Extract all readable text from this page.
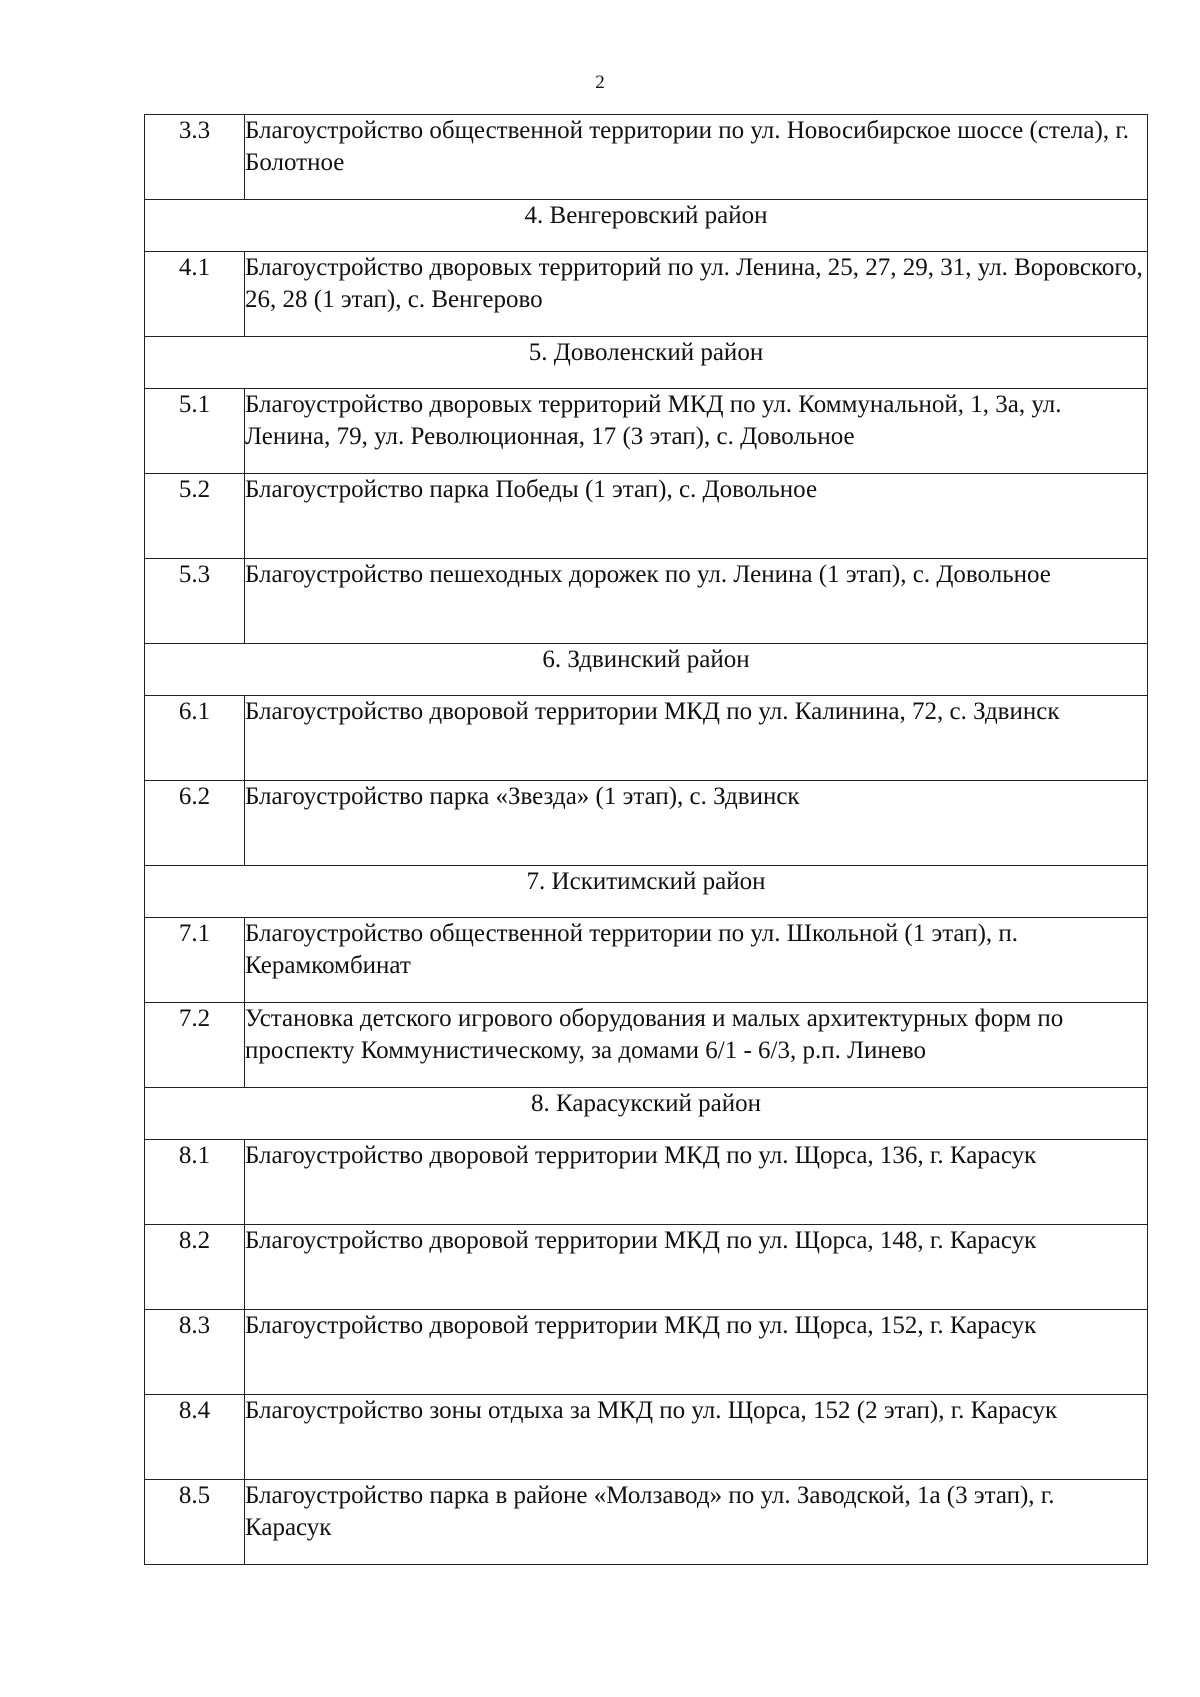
2
3.3	Благоустройство общественной территории по ул. Новосибирское шоссе (стела), г. Болотное
4. Венгеровский район	
4.1	Благоустройство дворовых территорий по ул. Ленина, 25, 27, 29, 31, ул. Воровского, 26, 28 (1 этап), с. Венгерово
5. Доволенский район	
5.1	Благоустройство дворовых территорий МКД по ул. Коммунальной, 1, 3а, ул. Ленина, 79, ул. Революционная, 17 (3 этап), с. Довольное
5.2	Благоустройство парка Победы (1 этап), с. Довольное
5.3	Благоустройство пешеходных дорожек по ул. Ленина (1 этап), с. Довольное
6. Здвинский район	
6.1	Благоустройство дворовой территории МКД по ул. Калинина, 72, с. Здвинск
6.2	Благоустройство парка «Звезда» (1 этап), с. Здвинск
7. Искитимский район	
7.1	Благоустройство общественной территории по ул. Школьной (1 этап), п. Керамкомбинат
7.2	Установка детского игрового оборудования и малых архитектурных форм по проспекту Коммунистическому, за домами 6/1 - 6/3, р.п. Линево
8. Карасукский район	
8.1	Благоустройство дворовой территории МКД по ул. Щорса, 136, г. Карасук
8.2	Благоустройство дворовой территории МКД по ул. Щорса, 148, г. Карасук
8.3	Благоустройство дворовой территории МКД по ул. Щорса, 152, г. Карасук
8.4	Благоустройство зоны отдыха за МКД по ул. Щорса, 152 (2 этап), г. Карасук
8.5	Благоустройство парка в районе «Молзавод» по ул. Заводской, 1а (3 этап), г. Карасук
